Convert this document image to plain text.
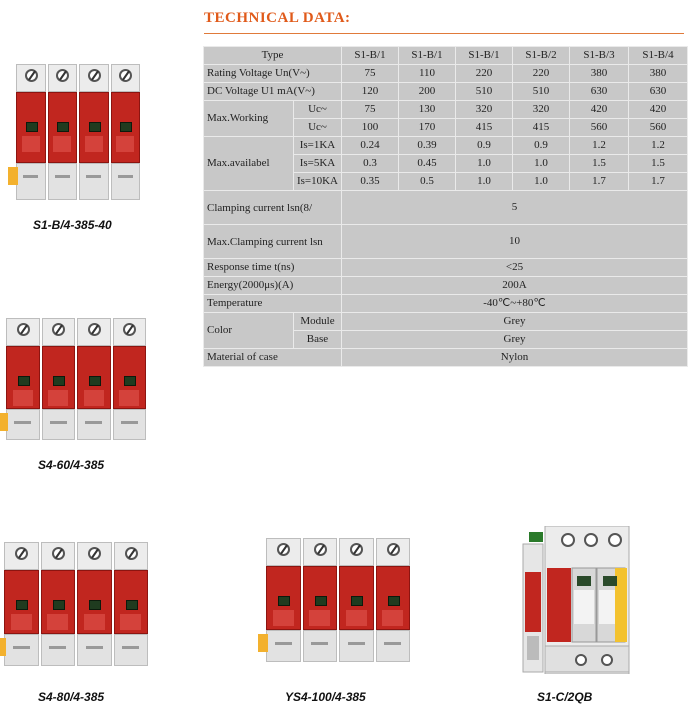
TECHNICAL DATA:
Type		S1-B/1	S1-B/1	S1-B/1	S1-B/2	S1-B/3	S1-B/4
Rating Voltage Un(V~)		75	110	220	220	380	380
DC Voltage U1 mA(V~)		120	200	510	510	630	630
Max.Working	Uc~	75	130	320	320	420	420
	Uc~	100	170	415	415	560	560
Max.availabel	Is=1KA	0.24	0.39	0.9	0.9	1.2	1.2
	Is=5KA	0.3	0.45	1.0	1.0	1.5	1.5
	Is=10KA	0.35	0.5	1.0	1.0	1.7	1.7
Clamping current lsn(8/		5					
Max.Clamping current lsn		10					
Response time t(ns)		<25					
Energy(2000μs)(A)		200A					
Temperature		-40℃~+80℃					
Color	Module	Grey					
	Base	Grey					
Material of case		Nylon					
S1-B/4-385-40
S4-60/4-385
S4-80/4-385	YS4-100/4-385	S1-C/2QB
